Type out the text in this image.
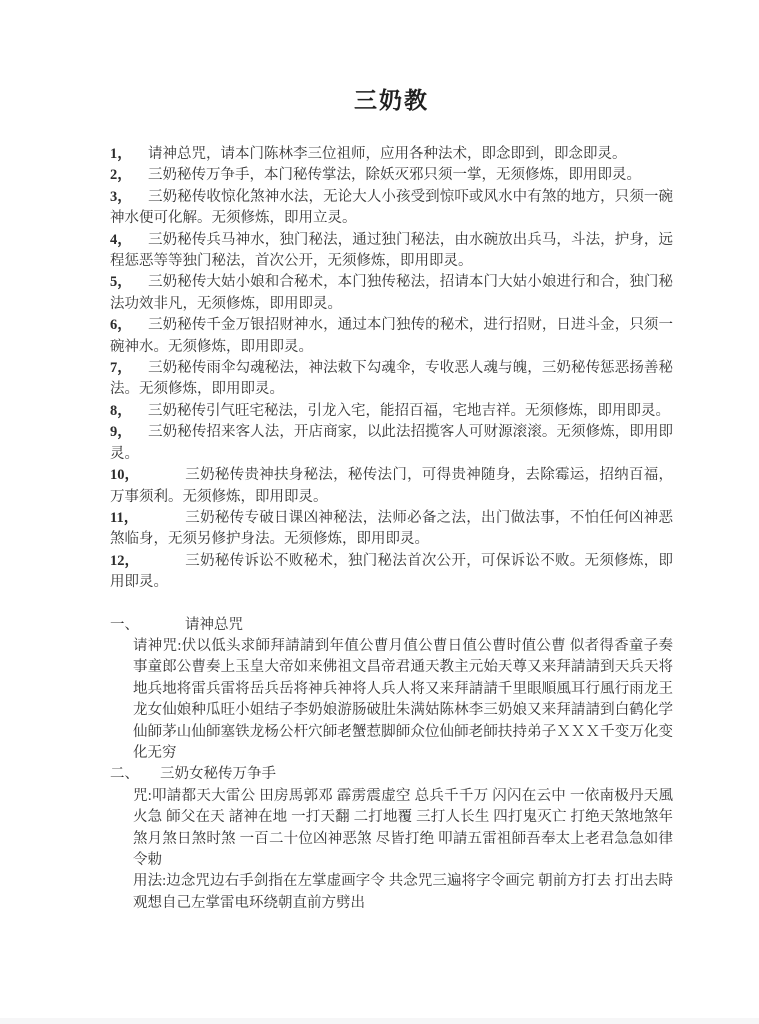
三奶教

1， 请神总咒，请本门陈林李三位祖师，应用各种法术，即念即到，即念即灵。

2， 三奶秘传万争手，本门秘传掌法，除妖灭邪只须一掌，无须修炼，即用即灵。

3， 三奶秘传收惊化煞神水法，无论大人小孩受到惊吓或风水中有煞的地方，只须一碗神水便可化解。无须修炼，即用立灵。

4， 三奶秘传兵马神水，独门秘法，通过独门秘法，由水碗放出兵马，斗法，护身，远程惩恶等等独门秘法，首次公开，无须修炼，即用即灵。

5， 三奶秘传大姑小娘和合秘术，本门独传秘法，招请本门大姑小娘进行和合，独门秘法功效非凡，无须修炼，即用即灵。

6， 三奶秘传千金万银招财神水，通过本门独传的秘术，进行招财，日进斗金，只须一碗神水。无须修炼，即用即灵。

7， 三奶秘传雨伞勾魂秘法，神法敕下勾魂伞，专收恶人魂与魄，三奶秘传惩恶扬善秘法。无须修炼，即用即灵。

8， 三奶秘传引气旺宅秘法，引龙入宅，能招百福，宅地吉祥。无须修炼，即用即灵。

9， 三奶秘传招来客人法，开店商家，以此法招揽客人可财源滚滚。无须修炼，即用即灵。

10，	三奶秘传贵神扶身秘法，秘传法门，可得贵神随身，去除霉运，招纳百福，万事须利。无须修炼，即用即灵。

11，	三奶秘传专破日课凶神秘法，法师必备之法，出门做法事，不怕任何凶神恶煞临身，无须另修护身法。无须修炼，即用即灵。

12，	三奶秘传诉讼不败秘术，独门秘法首次公开，可保诉讼不败。无须修炼，即用即灵。

一、	请神总咒

请神咒:伏以低头求師拜請請到年值公曹月值公曹日值公曹时值公曹 似者得香童子奏事童郎公曹奏上玉皇大帝如来佛祖文昌帝君通天教主元始天尊又来拜請請到天兵天将地兵地将雷兵雷将岳兵岳将神兵神将人兵人将又来拜請請千里眼順風耳行風行雨龙王龙女仙娘种瓜旺小姐结子李奶娘游肠破肚朱满姑陈林李三奶娘又来拜請請到白鹤化学仙師茅山仙師塞铁龙杨公杆穴師老蟹惹脚師众位仙師老師扶持弟子ＸＸＸ千变万化变化无穷

二、 三奶女秘传万争手

咒:叩請都天大雷公 田房馬郭邓 霹雳震虚空 总兵千千万 闪闪在云中 一依南极丹天風火急 師父在天 諸神在地 一打天翻 二打地覆 三打人长生 四打鬼灭亡 打绝天煞地煞年煞月煞日煞时煞 一百二十位凶神恶煞 尽皆打绝 叩請五雷祖師吾奉太上老君急急如律令勅

用法:边念咒边右手剑指在左掌虚画字令 共念咒三遍将字令画完 朝前方打去 打出去時观想自己左掌雷电环绕朝直前方劈出
